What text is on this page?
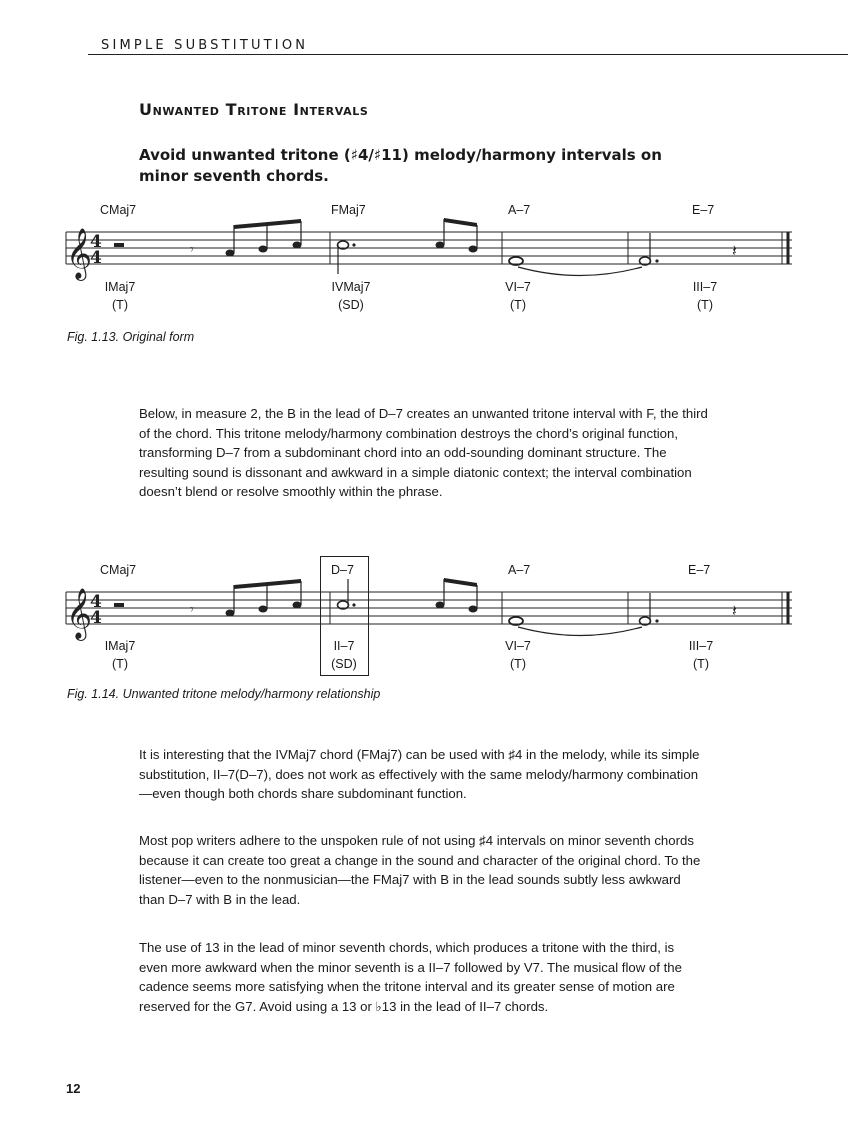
SIMPLE SUBSTITUTION
Unwanted Tritone Intervals
Avoid unwanted tritone (♯4/♯11) melody/harmony intervals on minor seventh chords.
CMaj7	FMaj7	A–7	E–7
𝄞
4
4	𝄾	𝄽
IMaj7
(T)
IVMaj7
(SD)
VI–7
(T)
III–7
(T)
Fig. 1.13. Original form

Below, in measure 2, the B in the lead of D–7 creates an unwanted tritone interval with F, the third of the chord. This tritone melody/harmony combination destroys the chord’s original function, transforming D–7 from a subdominant chord into an odd-sounding dominant structure. The resulting sound is dissonant and awkward in a simple diatonic context; the interval combination doesn’t blend or resolve smoothly within the phrase.

CMaj7	D–7	A–7	E–7
𝄞
4
4	𝄾	𝄽
IMaj7
(T)
II–7
(SD)
VI–7
(T)
III–7
(T)
Fig. 1.14. Unwanted tritone melody/harmony relationship

It is interesting that the IVMaj7 chord (FMaj7) can be used with ♯4 in the melody, while its simple substitution, II–7(D–7), does not work as effectively with the same melody/harmony combination—even though both chords share subdominant function.

Most pop writers adhere to the unspoken rule of not using ♯4 intervals on minor seventh chords because it can create too great a change in the sound and character of the original chord. To the listener—even to the nonmusician—the FMaj7 with B in the lead sounds subtly less awkward than D–7 with B in the lead.

The use of 13 in the lead of minor seventh chords, which produces a tritone with the third, is even more awkward when the minor seventh is a II–7 followed by V7. The musical flow of the cadence seems more satisfying when the tritone interval and its greater sense of motion are reserved for the G7. Avoid using a 13 or ♭13 in the lead of II–7 chords.

12
